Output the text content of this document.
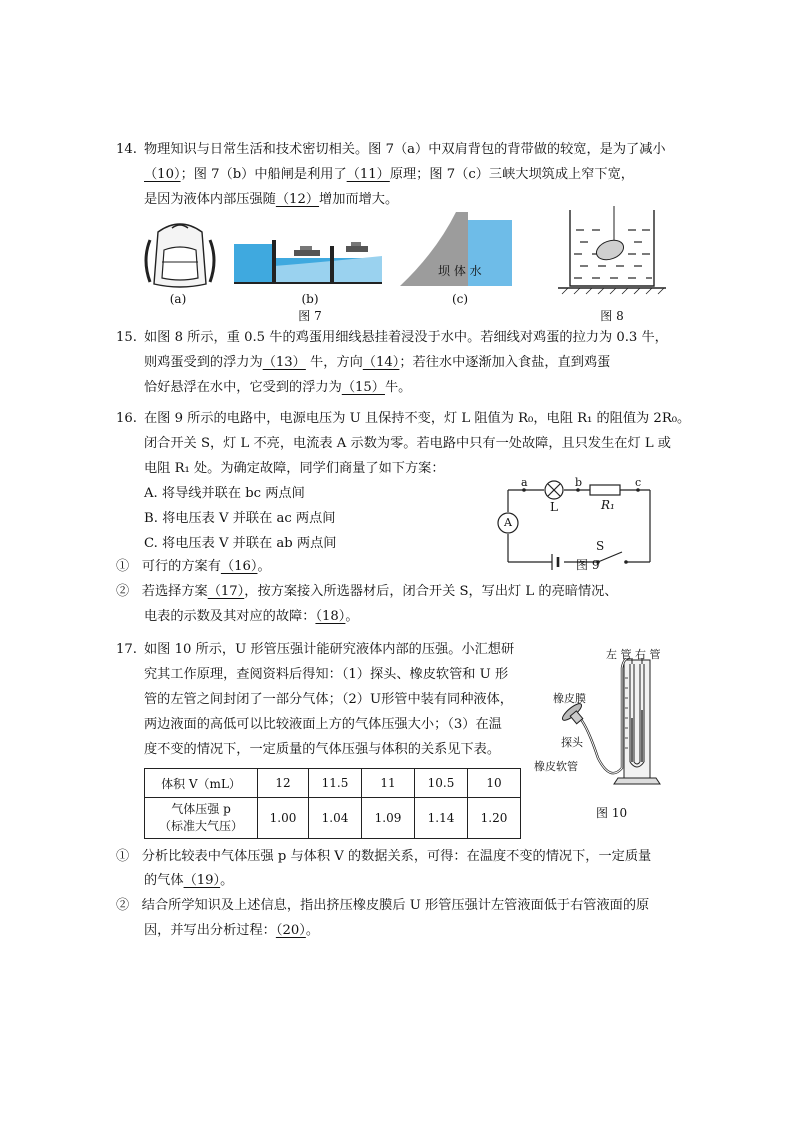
14. 物理知识与日常生活和技术密切相关。图 7（a）中双肩背包的背带做的较宽，是为了减小
（10）；图 7（b）中船闸是利用了（11）原理；图 7（c）三峡大坝筑成上窄下宽，
是因为液体内部压强随（12）增加而增大。
(a)	(b)
坝 体 水
(c)
图 7	图 8
15. 如图 8 所示，重 0.5 牛的鸡蛋用细线悬挂着浸没于水中。若细线对鸡蛋的拉力为 0.3 牛，
则鸡蛋受到的浮力为（13） 牛，方向（14）；若往水中逐渐加入食盐，直到鸡蛋
恰好悬浮在水中，它受到的浮力为（15）牛。
16. 在图 9 所示的电路中，电源电压为 U 且保持不变，灯 L 阻值为 R₀，电阻 R₁ 的阻值为 2R₀。
闭合开关 S，灯 L 不亮，电流表 A 示数为零。若电路中只有一处故障，且只发生在灯 L 或
电阻 R₁ 处。为确定故障，同学们商量了如下方案：
A. 将导线并联在 bc 两点间
B. 将电压表 V 并联在 ac 两点间
C. 将电压表 V 并联在 ab 两点间
① 可行的方案有（16）。
② 若选择方案（17），按方案接入所选器材后，闭合开关 S，写出灯 L 的亮暗情况、
电表的示数及其对应的故障：（18）。
a	b	c
L	R₁
A
S
图 9
17. 如图 10 所示，U 形管压强计能研究液体内部的压强。小汇想研
究其工作原理，查阅资料后得知：（1）探头、橡皮软管和 U 形
管的左管之间封闭了一部分气体；（2）U形管中装有同种液体，
两边液面的高低可以比较液面上方的气体压强大小；（3）在温
度不变的情况下，一定质量的气体压强与体积的关系见下表。
体积 V（mL）	12	11.5	11	10.5	10

气体压强 p
（标准大气压）	1.00	1.04	1.09	1.14	1.20
左 管 右 管
橡皮膜
探头
橡皮软管
图 10
① 分析比较表中气体压强 p 与体积 V 的数据关系，可得：在温度不变的情况下，一定质量
的气体（19）。
② 结合所学知识及上述信息，指出挤压橡皮膜后 U 形管压强计左管液面低于右管液面的原
因，并写出分析过程：（20）。
